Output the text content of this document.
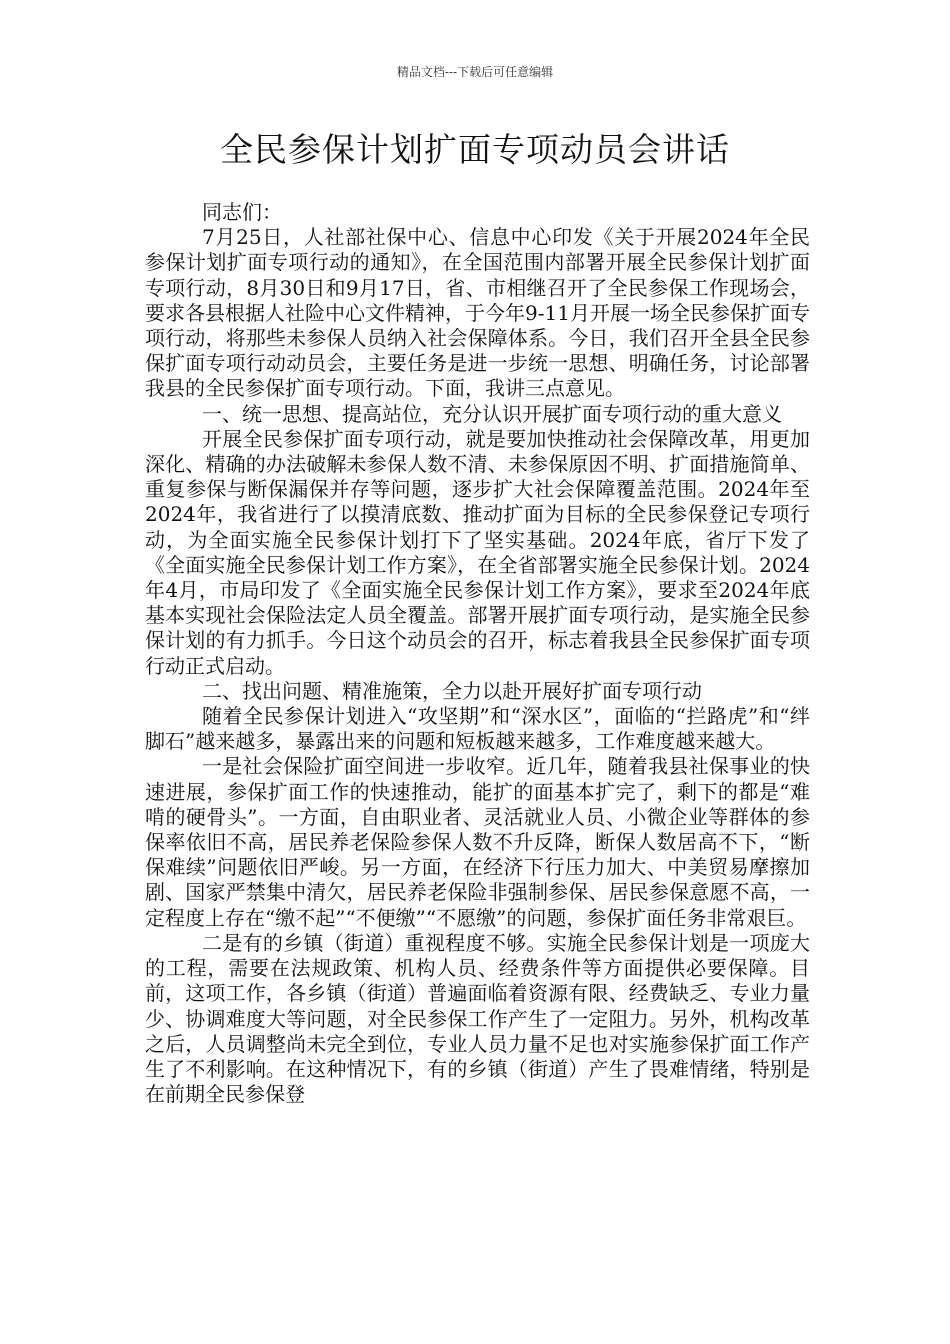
精品文档---下载后可任意编辑
全民参保计划扩面专项动员会讲话

同志们：

7月25日，人社部社保中心、信息中心印发《关于开展2024年全民参保计划扩面专项行动的通知》，在全国范围内部署开展全民参保计划扩面专项行动，8月30日和9月17日，省、市相继召开了全民参保工作现场会，要求各县根据人社险中心文件精神，于今年9-11月开展一场全民参保扩面专项行动，将那些未参保人员纳入社会保障体系。今日，我们召开全县全民参保扩面专项行动动员会，主要任务是进一步统一思想、明确任务，讨论部署我县的全民参保扩面专项行动。下面，我讲三点意见。

一、统一思想、提高站位，充分认识开展扩面专项行动的重大意义

开展全民参保扩面专项行动，就是要加快推动社会保障改革，用更加深化、精确的办法破解未参保人数不清、未参保原因不明、扩面措施简单、重复参保与断保漏保并存等问题，逐步扩大社会保障覆盖范围。2024年至2024年，我省进行了以摸清底数、推动扩面为目标的全民参保登记专项行动，为全面实施全民参保计划打下了坚实基础。2024年底，省厅下发了《全面实施全民参保计划工作方案》，在全省部署实施全民参保计划。2024年4月，市局印发了《全面实施全民参保计划工作方案》，要求至2024年底基本实现社会保险法定人员全覆盖。部署开展扩面专项行动，是实施全民参保计划的有力抓手。今日这个动员会的召开，标志着我县全民参保扩面专项行动正式启动。

二、找出问题、精准施策，全力以赴开展好扩面专项行动

随着全民参保计划进入“攻坚期”和“深水区”，面临的“拦路虎”和“绊脚石”越来越多，暴露出来的问题和短板越来越多，工作难度越来越大。

一是社会保险扩面空间进一步收窄。近几年，随着我县社保事业的快速进展，参保扩面工作的快速推动，能扩的面基本扩完了，剩下的都是“难啃的硬骨头”。一方面，自由职业者、灵活就业人员、小微企业等群体的参保率依旧不高，居民养老保险参保人数不升反降，断保人数居高不下，“断保难续”问题依旧严峻。另一方面，在经济下行压力加大、中美贸易摩擦加剧、国家严禁集中清欠，居民养老保险非强制参保、居民参保意愿不高，一定程度上存在“缴不起”“不便缴”“不愿缴”的问题，参保扩面任务非常艰巨。

二是有的乡镇（街道）重视程度不够。实施全民参保计划是一项庞大的工程，需要在法规政策、机构人员、经费条件等方面提供必要保障。目前，这项工作，各乡镇（街道）普遍面临着资源有限、经费缺乏、专业力量少、协调难度大等问题，对全民参保工作产生了一定阻力。另外，机构改革之后，人员调整尚未完全到位，专业人员力量不足也对实施参保扩面工作产生了不利影响。在这种情况下，有的乡镇（街道）产生了畏难情绪，特别是在前期全民参保登
